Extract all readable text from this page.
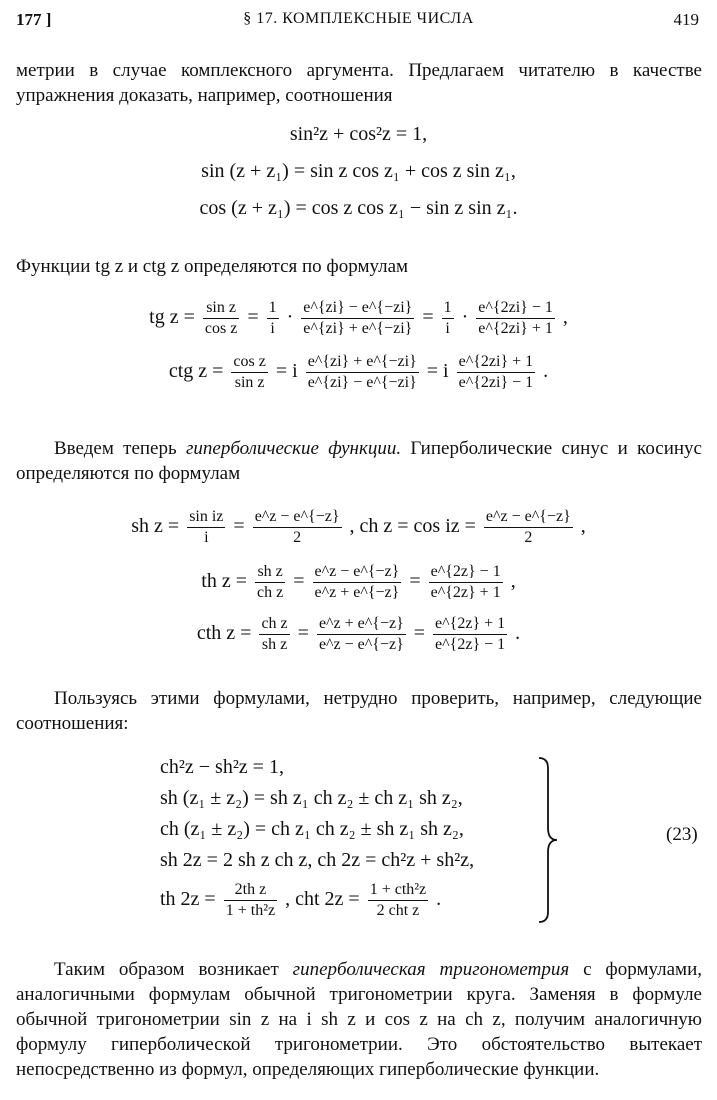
177 ]	§ 17. КОМПЛЕКСНЫЕ ЧИСЛА	419

метрии в случае комплексного аргумента. Предлагаем читателю в качестве упражнения доказать, например, соотношения

sin²z + cos²z = 1,
sin (z + z₁) = sin z cos z₁ + cos z sin z₁,
cos (z + z₁) = cos z cos z₁ − sin z sin z₁.

Функции tg z и ctg z определяются по формулам

tg $z = \frac{\text{sin z}}{\text{cos z}} = \frac{1}{i} \cdot \frac{e\^{}\{zi\} - e\^{}\{-zi\}}{e\^{}\{zi\} + e\^{}\{-zi\}} = \frac{1}{i} \cdot \frac{e\^{}\{2zi\} - 1}{e\^{}\{2zi\} + 1}$ ,
ctg $z = \frac{\text{cos z}}{\text{sin z}} = i \frac{e\^{}\{zi\} + e\^{}\{-zi\}}{e\^{}\{zi\} - e\^{}\{-zi\}} = i \frac{e\^{}\{2zi\} + 1}{e\^{}\{2zi\} - 1}$ .

Введем теперь гиперболические функции. Гиперболические синус и косинус определяются по формулам

sh $z = \frac{\text{sin iz}}{i} = \frac{e\^{}z - e\^{}\{-z\}}{2}$ , ch z = cos iz = $\frac{e\^{}z - e\^{}\{-z\}}{2}$ ,
th $z = \frac{\text{sh z}}{\text{ch z}} = \frac{e\^{}z - e\^{}\{-z\}}{e\^{}z + e\^{}\{-z\}} = \frac{e\^{}\{2z\} - 1}{e\^{}\{2z\} + 1}$ ,
cth $z = \frac{\text{ch z}}{\text{sh z}} = \frac{e\^{}z + e\^{}\{-z\}}{e\^{}z - e\^{}\{-z\}} = \frac{e\^{}\{2z\} + 1}{e\^{}\{2z\} - 1}$ .

Пользуясь этими формулами, нетрудно проверить, например, следующие соотношения:

ch²z − sh²z = 1,
sh (z₁ ± z₂) = sh z₁ ch z₂ ± ch z₁ sh z₂,
ch (z₁ ± z₂) = ch z₁ ch z₂ ± sh z₁ sh z₂,
sh 2z = 2 sh z ch z, ch 2z = ch²z + sh²z,
th $2z = \frac{\text{2th z}}{\text{1 + th²z}}$ , cht $2z = \frac{\text{1 + cth²z}}{\text{2 cht z}}$ .
(23)

Таким образом возникает гиперболическая тригонометрия с формулами, аналогичными формулам обычной тригонометрии круга. Заменяя в формуле обычной тригонометрии sin z на i sh z и cos z на ch z, получим аналогичную формулу гиперболической тригонометрии. Это обстоятельство вытекает непосредственно из формул, определяющих гиперболические функции.
